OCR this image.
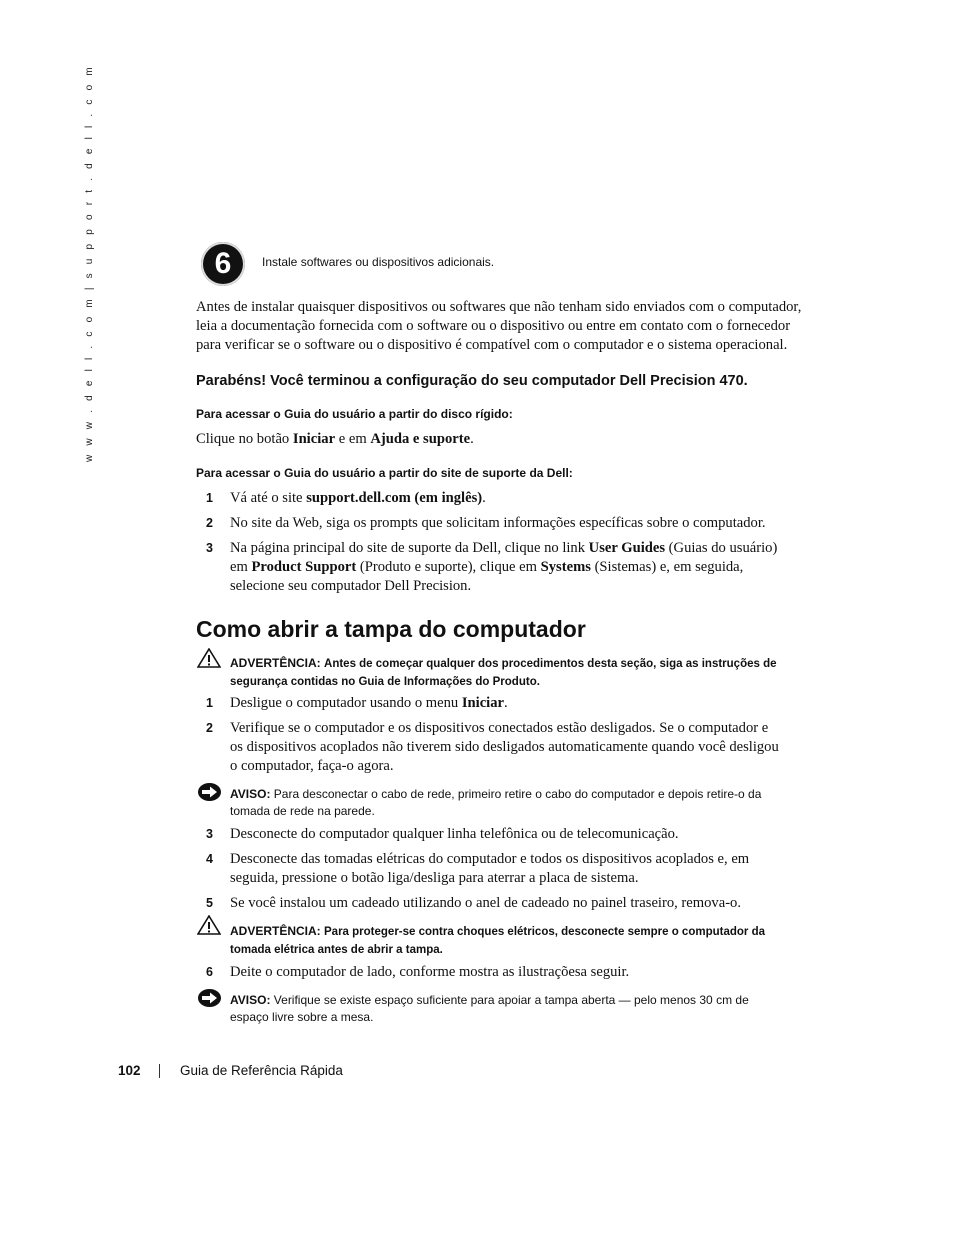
w w w . d e l l . c o m | s u p p o r t . d e l l . c o m	6	Instale softwares ou dispositivos adicionais.
Antes de instalar quaisquer dispositivos ou softwares que não tenham sido enviados com o computador,
leia a documentação fornecida com o software ou o dispositivo ou entre em contato com o fornecedor
para verificar se o software ou o dispositivo é compatível com o computador e o sistema operacional.
Parabéns! Você terminou a configuração do seu computador Dell Precision 470.
Para acessar o Guia do usuário a partir do disco rígido:
Clique no botão Iniciar e em Ajuda e suporte.
Para acessar o Guia do usuário a partir do site de suporte da Dell:
1 Vá até o site support.dell.com (em inglês).
2 No site da Web, siga os prompts que solicitam informações específicas sobre o computador.
3 Na página principal do site de suporte da Dell, clique no link User Guides (Guias do usuário)
em Product Support (Produto e suporte), clique em Systems (Sistemas) e, em seguida,
selecione seu computador Dell Precision.
Como abrir a tampa do computador
ADVERTÊNCIA: Antes de começar qualquer dos procedimentos desta seção, siga as instruções de
segurança contidas no Guia de Informações do Produto.
1 Desligue o computador usando o menu Iniciar.
2 Verifique se o computador e os dispositivos conectados estão desligados. Se o computador e
os dispositivos acoplados não tiverem sido desligados automaticamente quando você desligou
o computador, faça-o agora.
AVISO: Para desconectar o cabo de rede, primeiro retire o cabo do computador e depois retire-o da
tomada de rede na parede.
3 Desconecte do computador qualquer linha telefônica ou de telecomunicação.
4 Desconecte das tomadas elétricas do computador e todos os dispositivos acoplados e, em
seguida, pressione o botão liga/desliga para aterrar a placa de sistema.
5 Se você instalou um cadeado utilizando o anel de cadeado no painel traseiro, remova-o.
ADVERTÊNCIA: Para proteger-se contra choques elétricos, desconecte sempre o computador da
tomada elétrica antes de abrir a tampa.
6 Deite o computador de lado, conforme mostra as ilustraçõesa seguir.
AVISO: Verifique se existe espaço suficiente para apoiar a tampa aberta — pelo menos 30 cm de
espaço livre sobre a mesa.
102	Guia de Referência Rápida
